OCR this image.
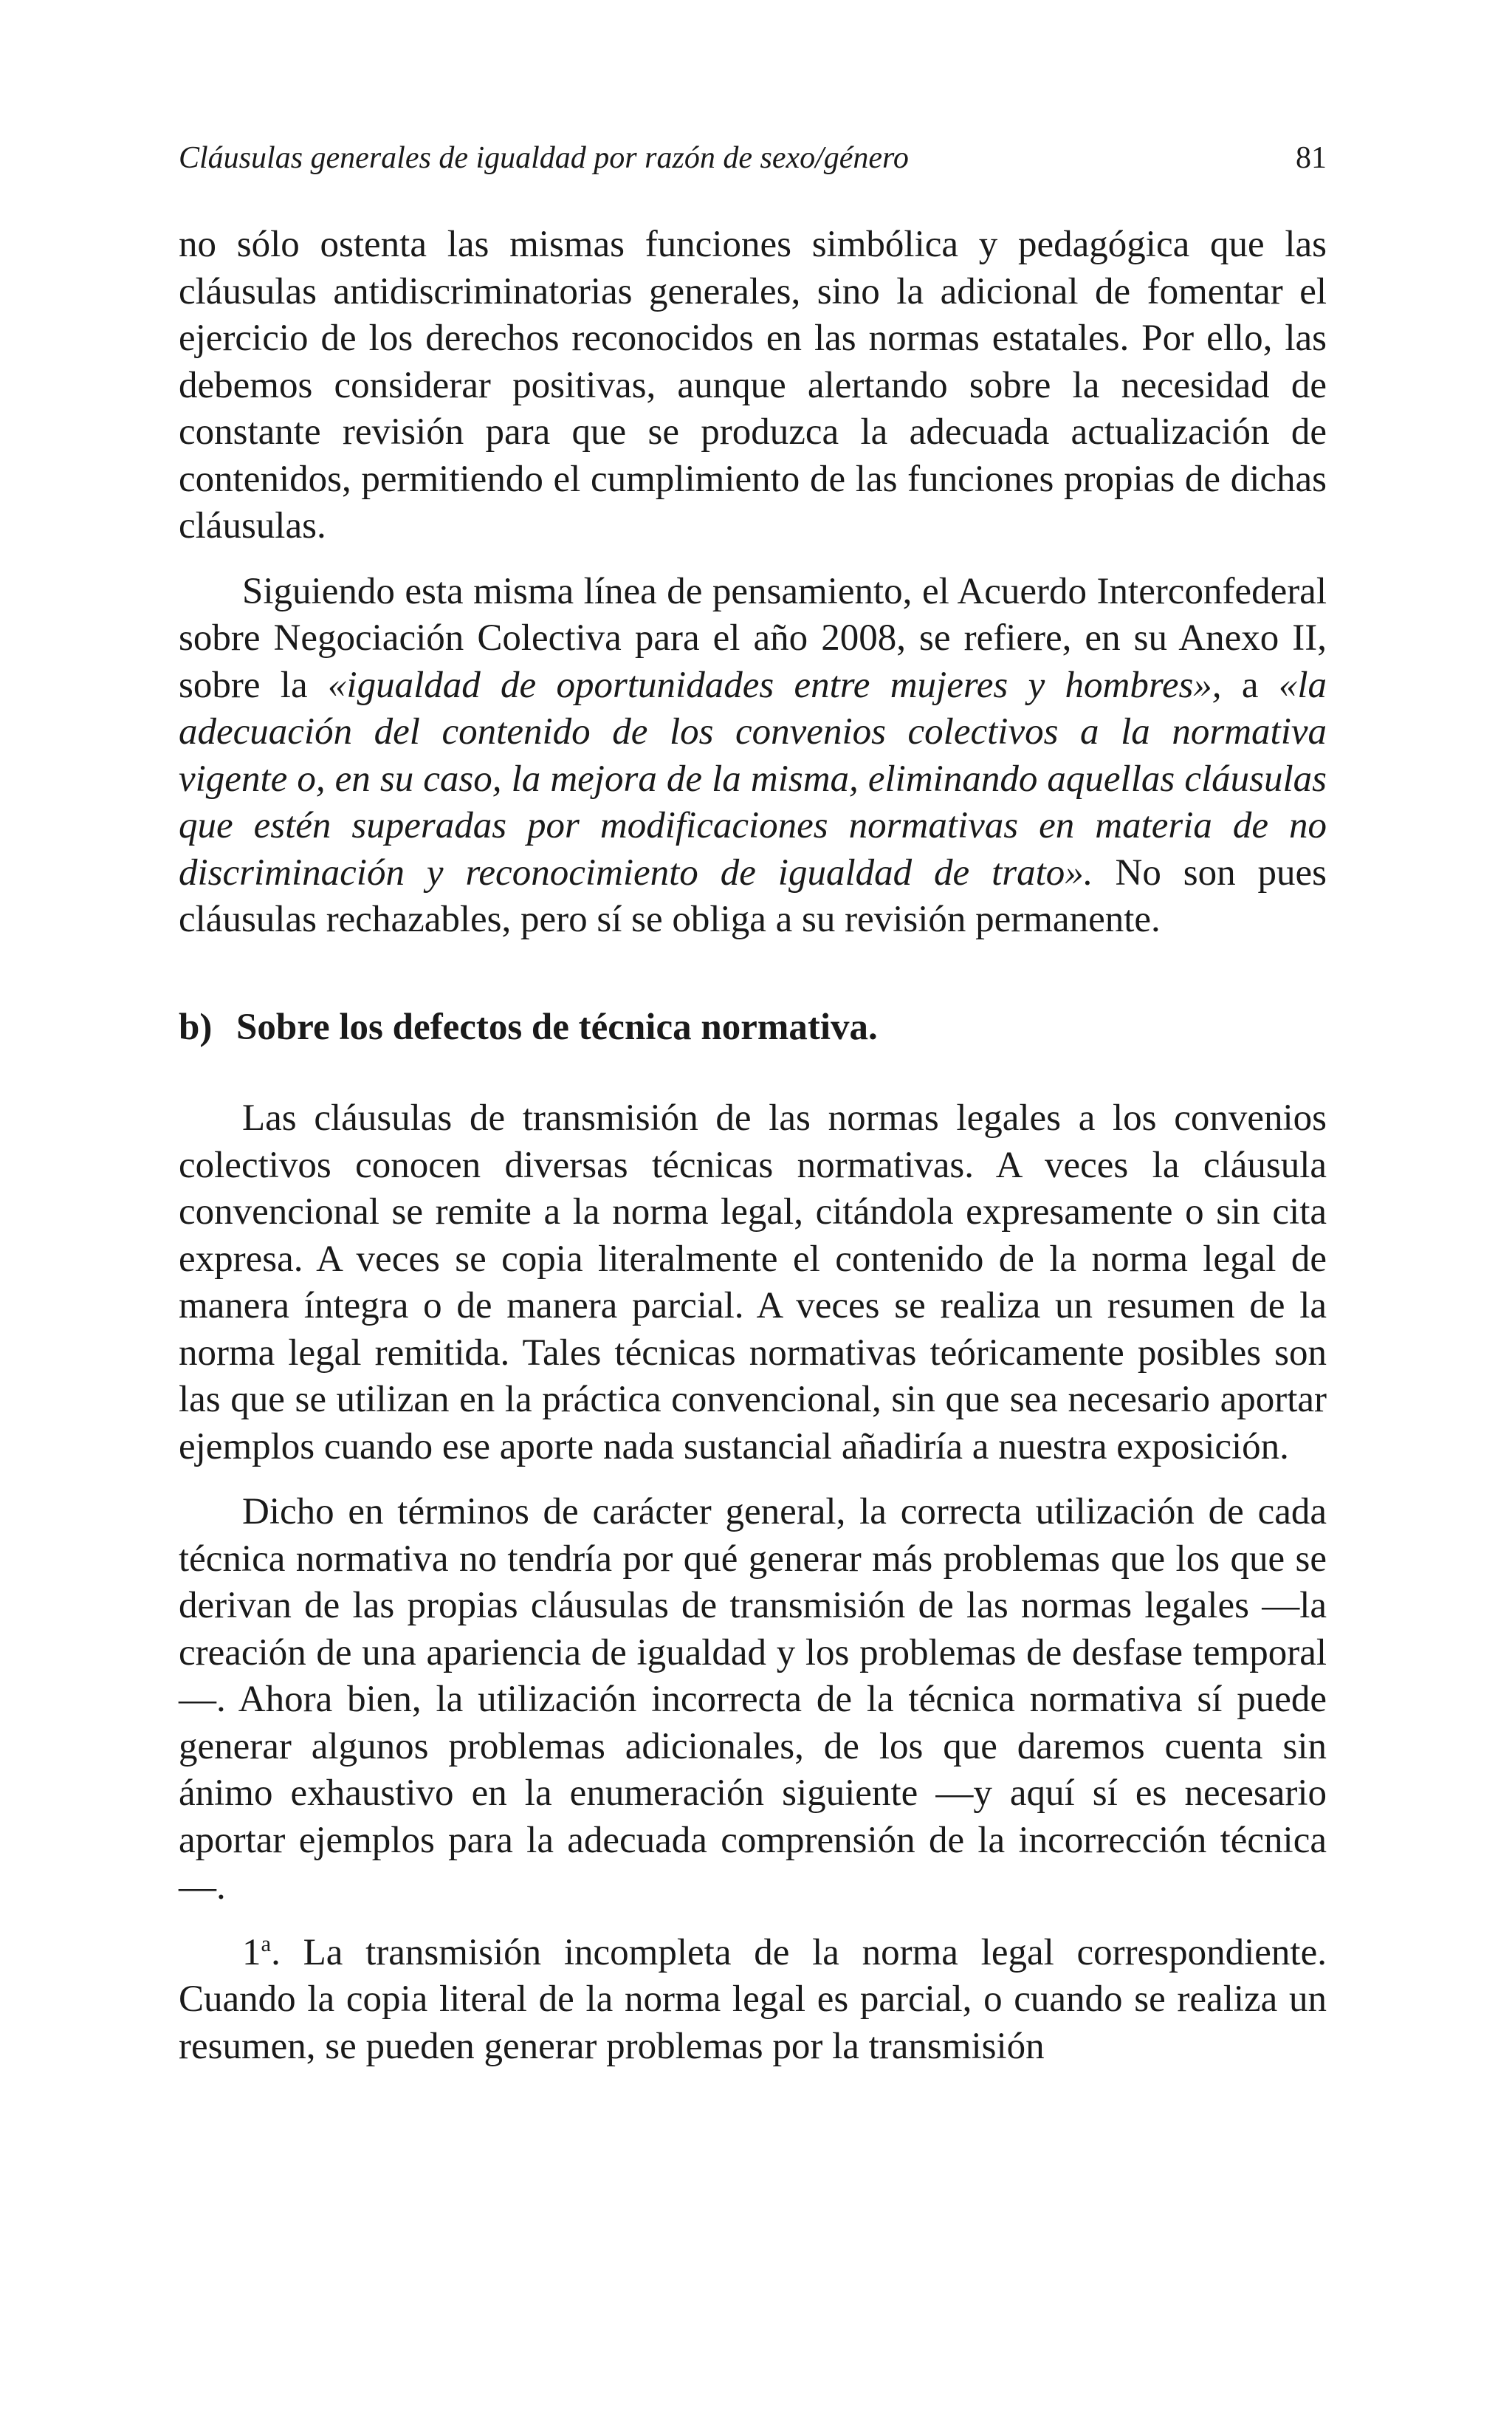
Cláusulas generales de igualdad por razón de sexo/género	81

no sólo ostenta las mismas funciones simbólica y pedagógica que las cláusulas antidiscriminatorias generales, sino la adicional de fomentar el ejercicio de los derechos reconocidos en las normas estatales. Por ello, las debemos considerar positivas, aunque alertando sobre la necesidad de constante revisión para que se produzca la adecuada actualización de contenidos, permitiendo el cumplimiento de las funciones propias de dichas cláusulas.

Siguiendo esta misma línea de pensamiento, el Acuerdo Interconfederal sobre Negociación Colectiva para el año 2008, se refiere, en su Anexo II, sobre la «igualdad de oportunidades entre mujeres y hombres», a «la adecuación del contenido de los convenios colectivos a la normativa vigente o, en su caso, la mejora de la misma, eliminando aquellas cláusulas que estén superadas por modificaciones normativas en materia de no discriminación y reconocimiento de igualdad de trato». No son pues cláusulas rechazables, pero sí se obliga a su revisión permanente.

b) Sobre los defectos de técnica normativa.

Las cláusulas de transmisión de las normas legales a los convenios colectivos conocen diversas técnicas normativas. A veces la cláusula convencional se remite a la norma legal, citándola expresamente o sin cita expresa. A veces se copia literalmente el contenido de la norma legal de manera íntegra o de manera parcial. A veces se realiza un resumen de la norma legal remitida. Tales técnicas normativas teóricamente posibles son las que se utilizan en la práctica convencional, sin que sea necesario aportar ejemplos cuando ese aporte nada sustancial añadiría a nuestra exposición.

Dicho en términos de carácter general, la correcta utilización de cada técnica normativa no tendría por qué generar más problemas que los que se derivan de las propias cláusulas de transmisión de las normas legales —la creación de una apariencia de igualdad y los problemas de desfase temporal—. Ahora bien, la utilización incorrecta de la técnica normativa sí puede generar algunos problemas adicionales, de los que daremos cuenta sin ánimo exhaustivo en la enumeración siguiente —y aquí sí es necesario aportar ejemplos para la adecuada comprensión de la incorrección técnica—.

1$^a$. La transmisión incompleta de la norma legal correspondiente. Cuando la copia literal de la norma legal es parcial, o cuando se realiza un resumen, se pueden generar problemas por la transmisión
